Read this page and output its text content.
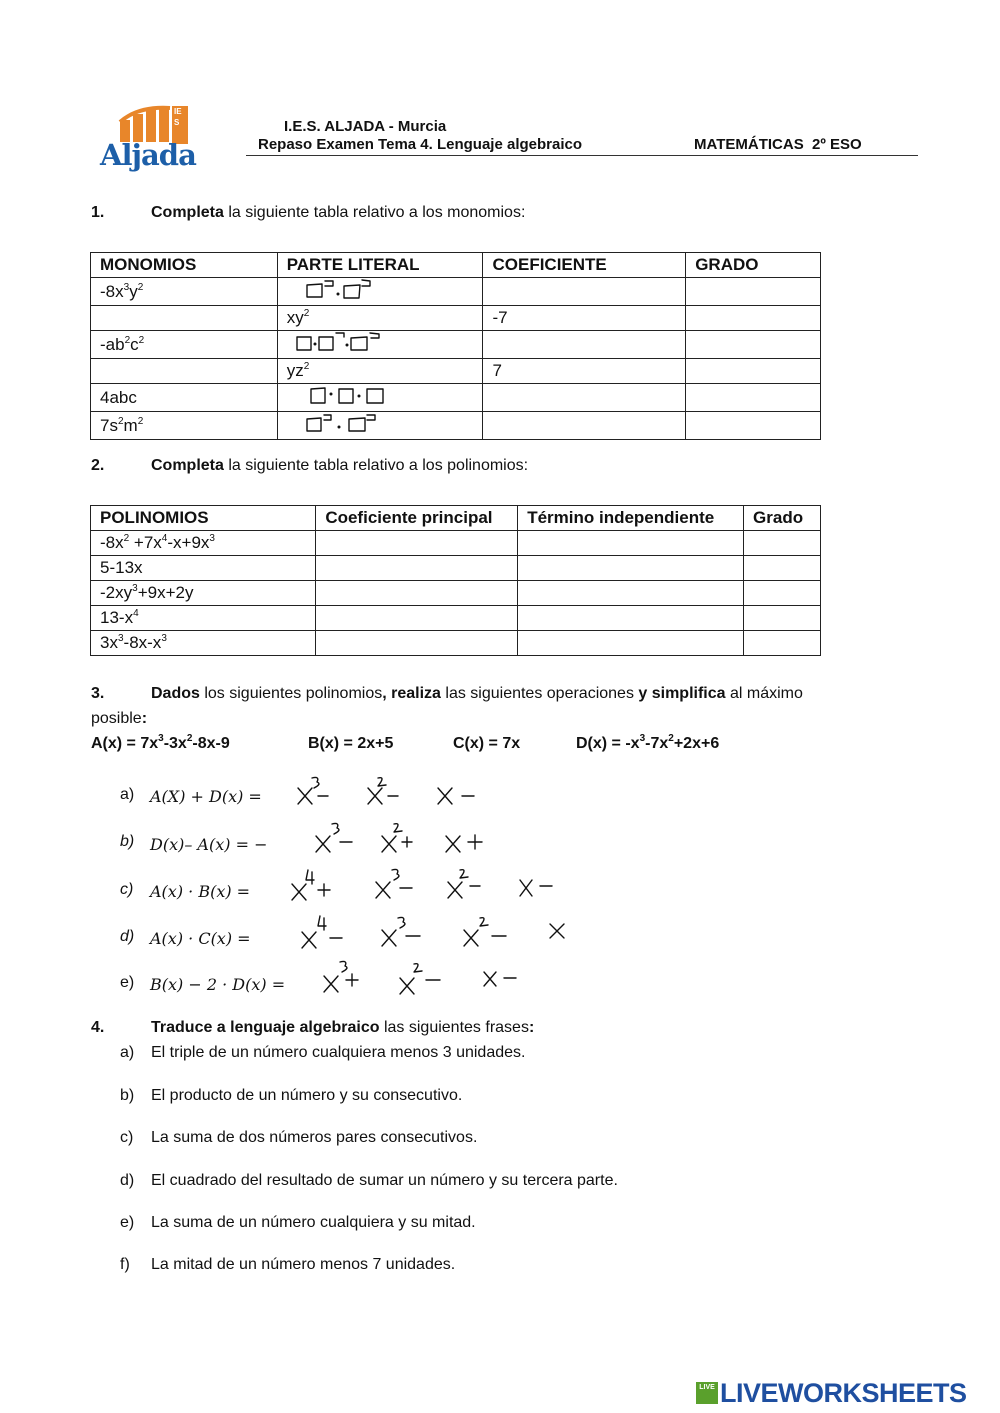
IES
Aljada
I.E.S. ALJADA - Murcia
Repaso Examen Tema 4. Lenguaje algebraico	MATEMÁTICAS  2º ESO
1.	Completa la siguiente tabla relativo a los monomios:
MONOMIOS	PARTE LITERAL	COEFICIENTE	GRADO
$-8x^3y^2$			
	$xy^2$	-7	
$-ab^2c^2$			
	$yz^2$	7	
4abc			
$7s^2m^2$			
2.	Completa la siguiente tabla relativo a los polinomios:
POLINOMIOS	Coeficiente principal	Término independiente	Grado
$-8x^2 +7x^4-x+9x^3$			
5-13x			
$-2xy^3+9x+2y$			
$13-x^4$			
$3x^3-8x-x^3$			
3.	Dados los siguientes polinomios, realiza las siguientes operaciones y simplifica al máximo
posible:
$A(x) = 7x^3-3x^2-8x-9$	B(x) = 2x+5	C(x) = 7x	$D(x) = -x^3-7x^2+2x+6$
a) A(X) + D(x) =
b) D(x)– A(x) = −
c) A(x) · B(x) =
d) A(x) · C(x) =
e) B(x) − 2 · D(x) =
4.	Traduce a lenguaje algebraico las siguientes frases:
a) El triple de un número cualquiera menos 3 unidades.
b) El producto de un número y su consecutivo.
c) La suma de dos números pares consecutivos.
d) El cuadrado del resultado de sumar un número y su tercera parte.
e) La suma de un número cualquiera y su mitad.
f) La mitad de un número menos 7 unidades.
LIVE LIVEWORKSHEETS
